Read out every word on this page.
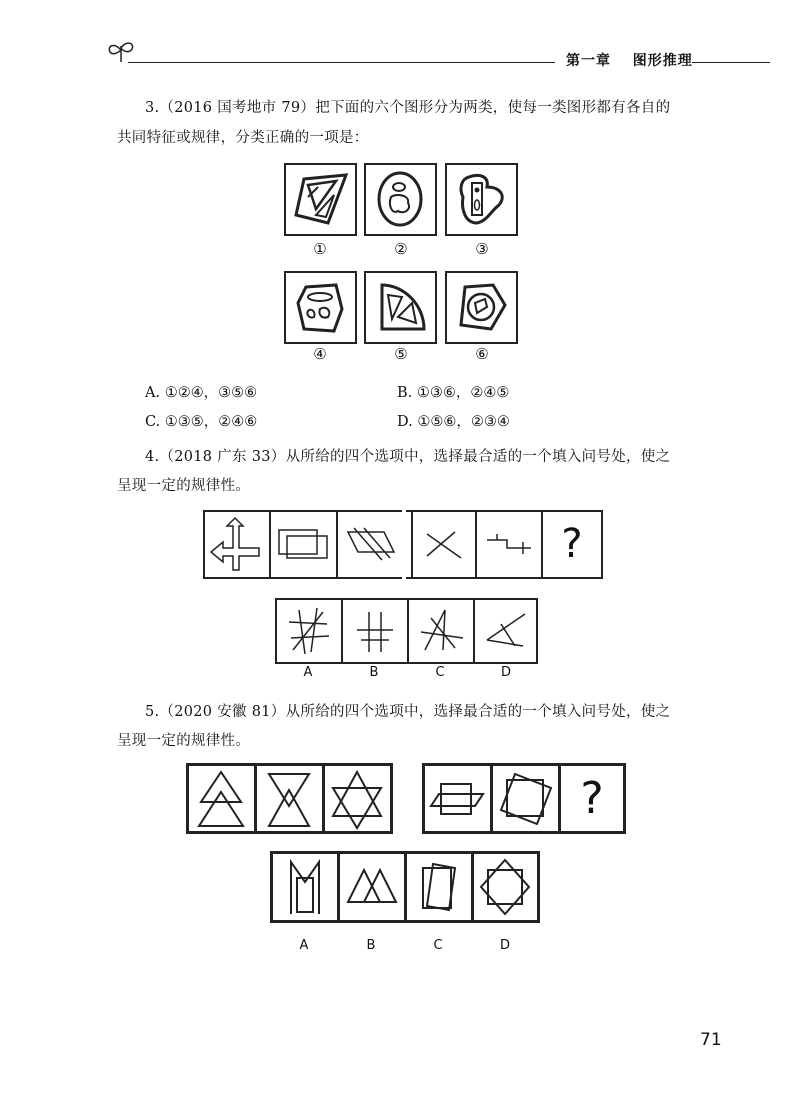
第一章 图形推理
3.（2016 国考地市 79）把下面的六个图形分为两类，使每一类图形都有各自的
共同特征或规律，分类正确的一项是：
①	②	③
④	⑤	⑥
A. ①②④，③⑤⑥	B. ①③⑥，②④⑤
C. ①③⑤，②④⑥	D. ①⑤⑥，②③④
4.（2018 广东 33）从所给的四个选项中，选择最合适的一个填入问号处，使之
呈现一定的规律性。
?
A	B	C	D
5.（2020 安徽 81）从所给的四个选项中，选择最合适的一个填入问号处，使之
呈现一定的规律性。
?
A	B	C	D
71
